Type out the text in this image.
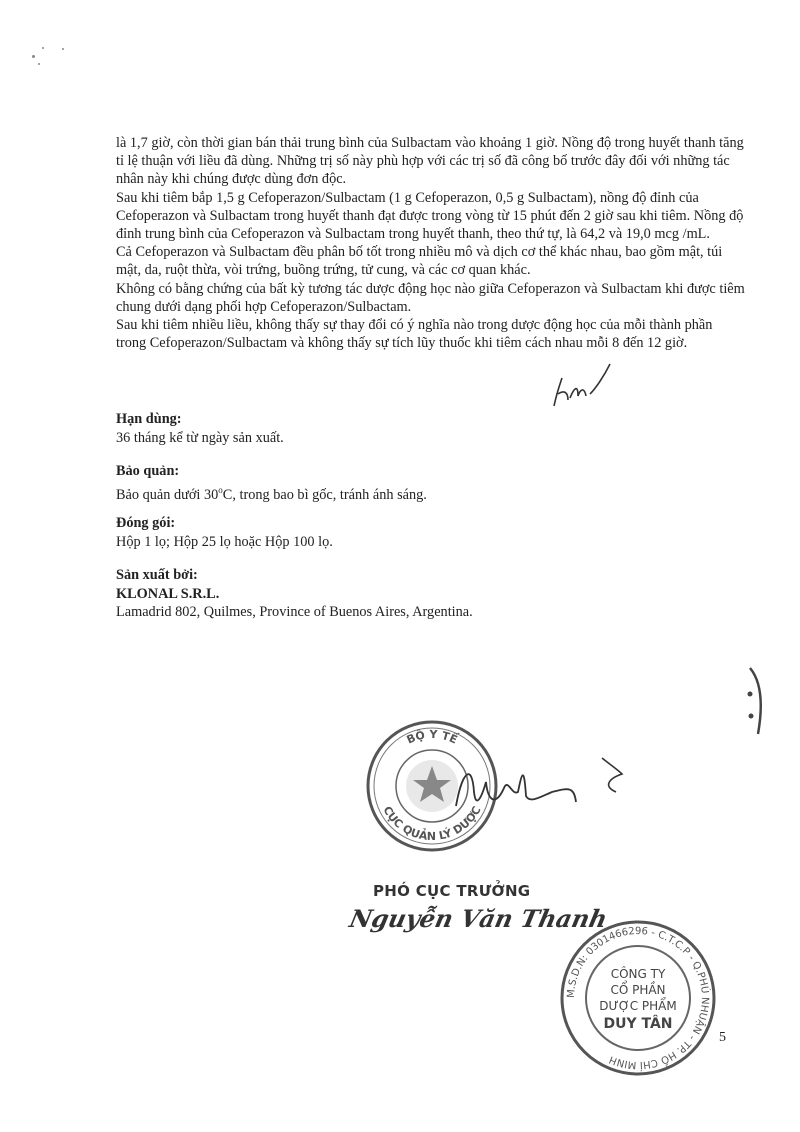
là 1,7 giờ, còn thời gian bán thải trung bình của Sulbactam vào khoảng 1 giờ. Nồng độ trong huyết thanh tăng tỉ lệ thuận với liều đã dùng. Những trị số này phù hợp với các trị số đã công bố trước đây đối với những tác nhân này khi chúng được dùng đơn độc.

Sau khi tiêm bắp 1,5 g Cefoperazon/Sulbactam (1 g Cefoperazon, 0,5 g Sulbactam), nồng độ đỉnh của Cefoperazon và Sulbactam trong huyết thanh đạt được trong vòng từ 15 phút đến 2 giờ sau khi tiêm. Nồng độ đỉnh trung bình của Cefoperazon và Sulbactam trong huyết thanh, theo thứ tự, là 64,2 và 19,0 mcg /mL.

Cả Cefoperazon và Sulbactam đều phân bố tốt trong nhiều mô và dịch cơ thể khác nhau, bao gồm mật, túi mật, da, ruột thừa, vòi trứng, buồng trứng, tử cung, và các cơ quan khác.

Không có bằng chứng của bất kỳ tương tác dược động học nào giữa Cefoperazon và Sulbactam khi được tiêm chung dưới dạng phối hợp Cefoperazon/Sulbactam.

Sau khi tiêm nhiều liều, không thấy sự thay đổi có ý nghĩa nào trong dược động học của mỗi thành phần trong Cefoperazon/Sulbactam và không thấy sự tích lũy thuốc khi tiêm cách nhau mỗi 8 đến 12 giờ.

Hạn dùng:
36 tháng kể từ ngày sản xuất.
Bảo quản:
Bảo quản dưới 30$^o$C, trong bao bì gốc, tránh ánh sáng.
Đóng gói:
Hộp 1 lọ; Hộp 25 lọ hoặc Hộp 100 lọ.
Sản xuất bởi:
KLONAL S.R.L.
Lamadrid 802, Quilmes, Province of Buenos Aires, Argentina.
BỘ Y TẾ
CỤC QUẢN LÝ DƯỢC
PHÓ CỤC TRƯỞNG
Nguyễn Văn Thanh
M.S.D.N: 0301466296 - C.T.C.P - Q.PHÚ NHUẬN - TP. HỒ CHÍ MINH
CÔNG TY
CỔ PHẦN
DƯỢC PHẨM
DUY TÂN
5
